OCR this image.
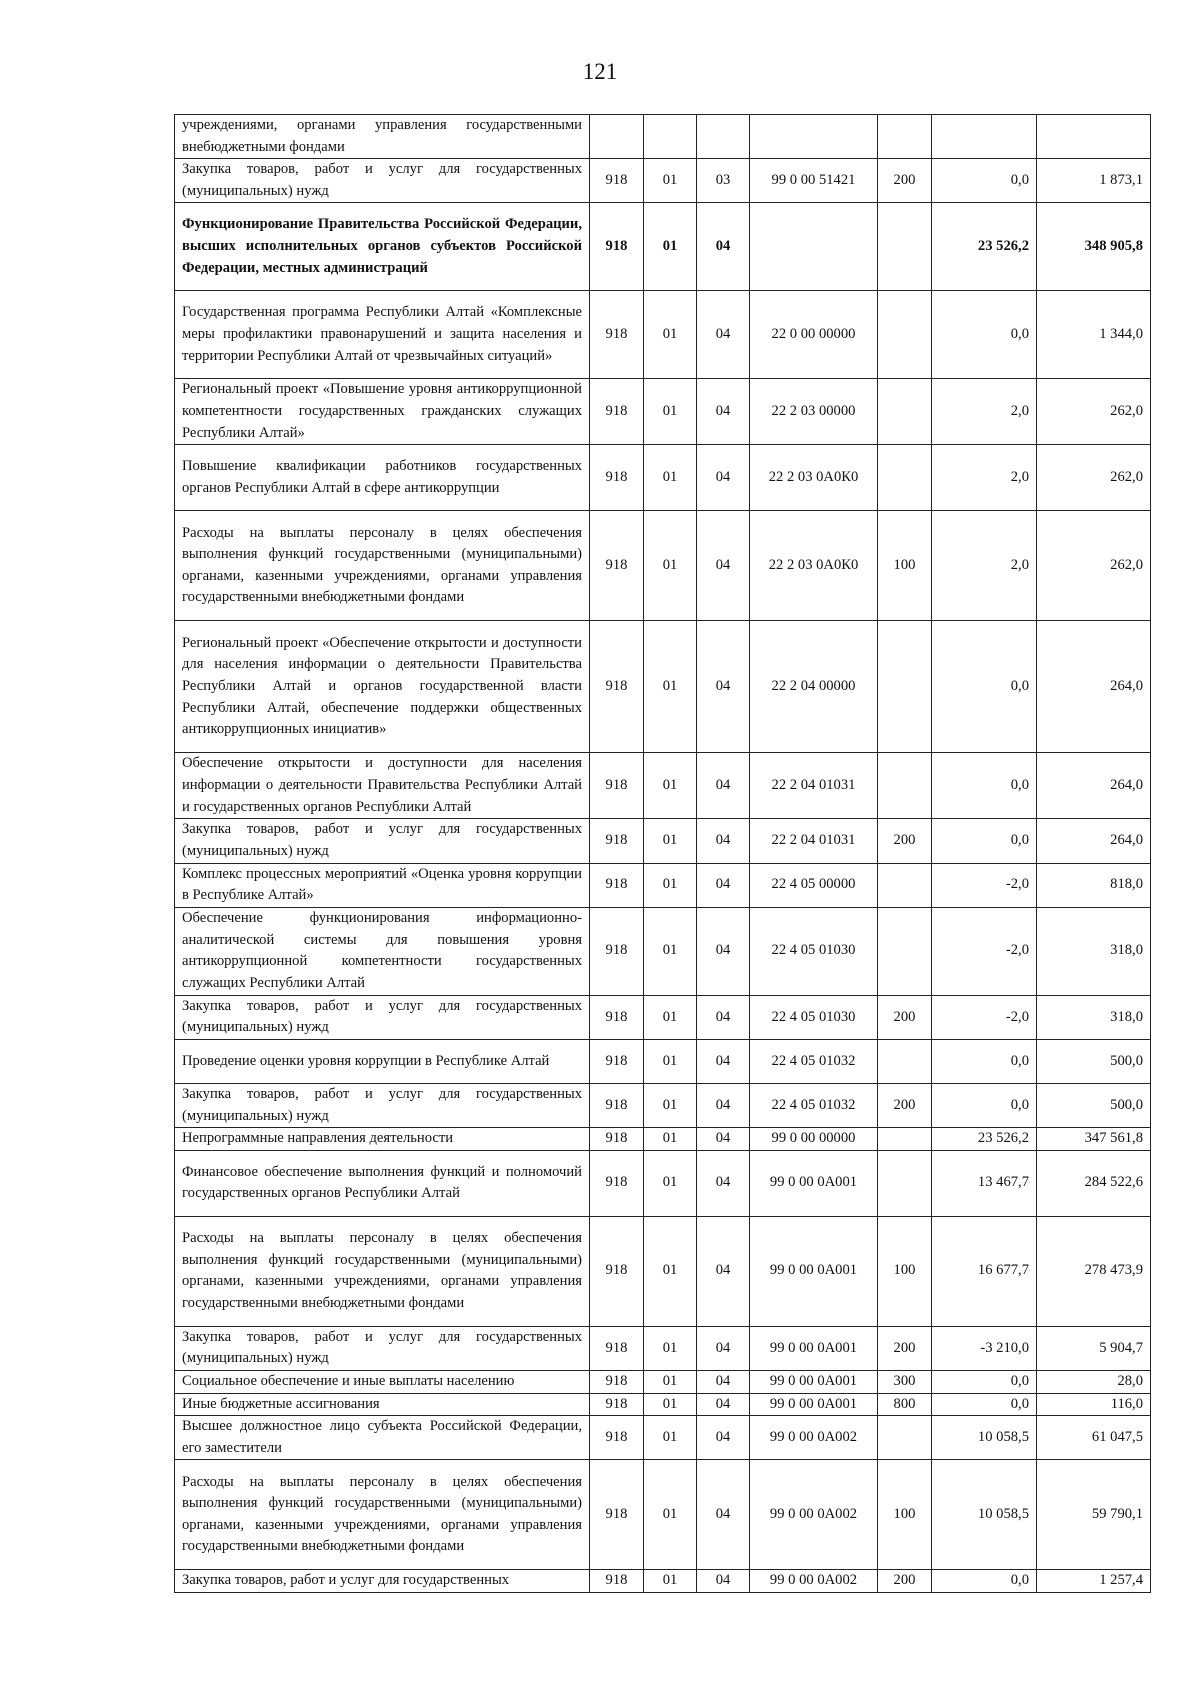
121
учреждениями, органами управления государственными внебюджетными фондами							
Закупка товаров, работ и услуг для государственных (муниципальных) нужд	918	01	03	99 0 00 51421	200	0,0	1 873,1
Функционирование Правительства Российской Федерации, высших исполнительных органов субъектов Российской Федерации, местных администраций	918	01	04			23 526,2	348 905,8
Государственная программа Республики Алтай «Комплексные меры профилактики правонарушений и защита населения и территории Республики Алтай от чрезвычайных ситуаций»	918	01	04	22 0 00 00000		0,0	1 344,0
Региональный проект «Повышение уровня антикоррупционной компетентности государственных гражданских служащих Республики Алтай»	918	01	04	22 2 03 00000		2,0	262,0
Повышение квалификации работников государственных органов Республики Алтай в сфере антикоррупции	918	01	04	22 2 03 0А0К0		2,0	262,0
Расходы на выплаты персоналу в целях обеспечения выполнения функций государственными (муниципальными) органами, казенными учреждениями, органами управления государственными внебюджетными фондами	918	01	04	22 2 03 0А0К0	100	2,0	262,0
Региональный проект «Обеспечение открытости и доступности для населения информации о деятельности Правительства Республики Алтай и органов государственной власти Республики Алтай, обеспечение поддержки общественных антикоррупционных инициатив»	918	01	04	22 2 04 00000		0,0	264,0
Обеспечение открытости и доступности для населения информации о деятельности Правительства Республики Алтай и государственных органов Республики Алтай	918	01	04	22 2 04 01031		0,0	264,0
Закупка товаров, работ и услуг для государственных (муниципальных) нужд	918	01	04	22 2 04 01031	200	0,0	264,0
Комплекс процессных мероприятий «Оценка уровня коррупции в Республике Алтай»	918	01	04	22 4 05 00000		-2,0	818,0
Обеспечение функционирования информационно-аналитической системы для повышения уровня антикоррупционной компетентности государственных служащих Республики Алтай	918	01	04	22 4 05 01030		-2,0	318,0
Закупка товаров, работ и услуг для государственных (муниципальных) нужд	918	01	04	22 4 05 01030	200	-2,0	318,0
Проведение оценки уровня коррупции в Республике Алтай	918	01	04	22 4 05 01032		0,0	500,0
Закупка товаров, работ и услуг для государственных (муниципальных) нужд	918	01	04	22 4 05 01032	200	0,0	500,0
Непрограммные направления деятельности	918	01	04	99 0 00 00000		23 526,2	347 561,8
Финансовое обеспечение выполнения функций и полномочий государственных органов Республики Алтай	918	01	04	99 0 00 0А001		13 467,7	284 522,6
Расходы на выплаты персоналу в целях обеспечения выполнения функций государственными (муниципальными) органами, казенными учреждениями, органами управления государственными внебюджетными фондами	918	01	04	99 0 00 0А001	100	16 677,7	278 473,9
Закупка товаров, работ и услуг для государственных (муниципальных) нужд	918	01	04	99 0 00 0А001	200	-3 210,0	5 904,7
Социальное обеспечение и иные выплаты населению	918	01	04	99 0 00 0А001	300	0,0	28,0
Иные бюджетные ассигнования	918	01	04	99 0 00 0А001	800	0,0	116,0
Высшее должностное лицо субъекта Российской Федерации, его заместители	918	01	04	99 0 00 0А002		10 058,5	61 047,5
Расходы на выплаты персоналу в целях обеспечения выполнения функций государственными (муниципальными) органами, казенными учреждениями, органами управления государственными внебюджетными фондами	918	01	04	99 0 00 0А002	100	10 058,5	59 790,1
Закупка товаров, работ и услуг для государственных	918	01	04	99 0 00 0А002	200	0,0	1 257,4
